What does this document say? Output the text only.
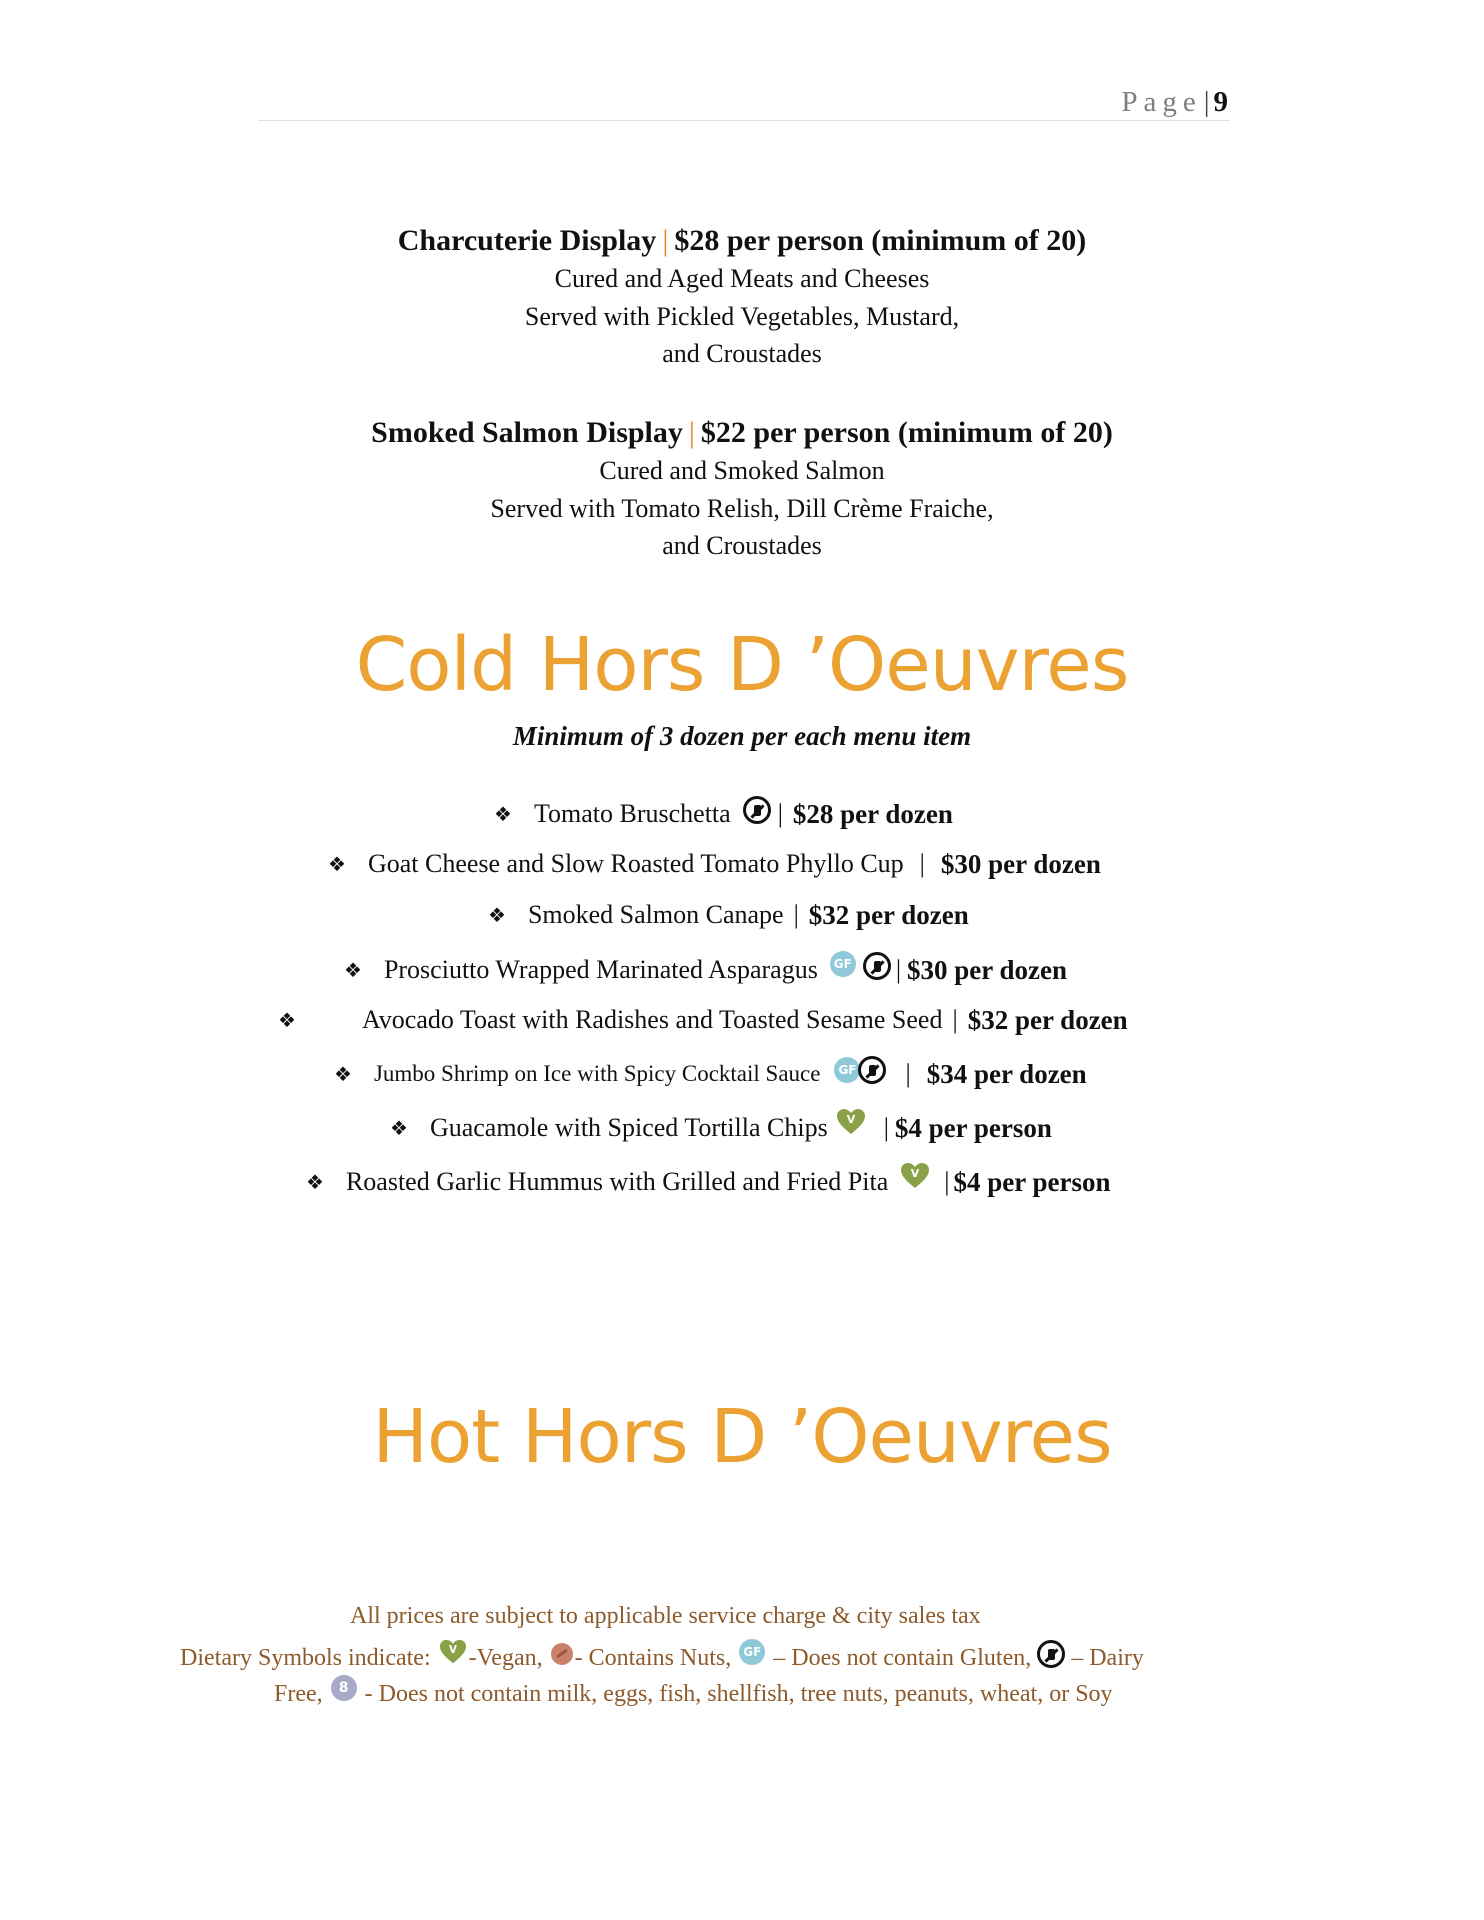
Page| 9
Charcuterie Display | $28 per person (minimum of 20)
Cured and Aged Meats and Cheeses
Served with Pickled Vegetables, Mustard,
and Croustades
Smoked Salmon Display | $22 per person (minimum of 20)
Cured and Smoked Salmon
Served with Tomato Relish, Dill Crème Fraiche,
and Croustades
Cold Hors D ’Oeuvres
Minimum of 3 dozen per each menu item
❖ Tomato Bruschetta | $28 per dozen
❖ Goat Cheese and Slow Roasted Tomato Phyllo Cup | $30 per dozen
❖ Smoked Salmon Canape | $32 per dozen
❖ Prosciutto Wrapped Marinated Asparagus	GF | $30 per dozen
❖	Avocado Toast with Radishes and Toasted Sesame Seed | $32 per dozen
❖ Jumbo Shrimp on Ice with Spicy Cocktail Sauce	GF | $34 per dozen
❖ Guacamole with Spiced Tortilla Chips V | $4 per person
❖ Roasted Garlic Hummus with Grilled and Fried Pita V | $4 per person
Hot Hors D ’Oeuvres
All prices are subject to applicable service charge & city sales tax
Dietary Symbols indicate: V -Vegan, - Contains Nuts, GF – Does not contain Gluten, – Dairy
Free,	8 - Does not contain milk, eggs, fish, shellfish, tree nuts, peanuts, wheat, or Soy
